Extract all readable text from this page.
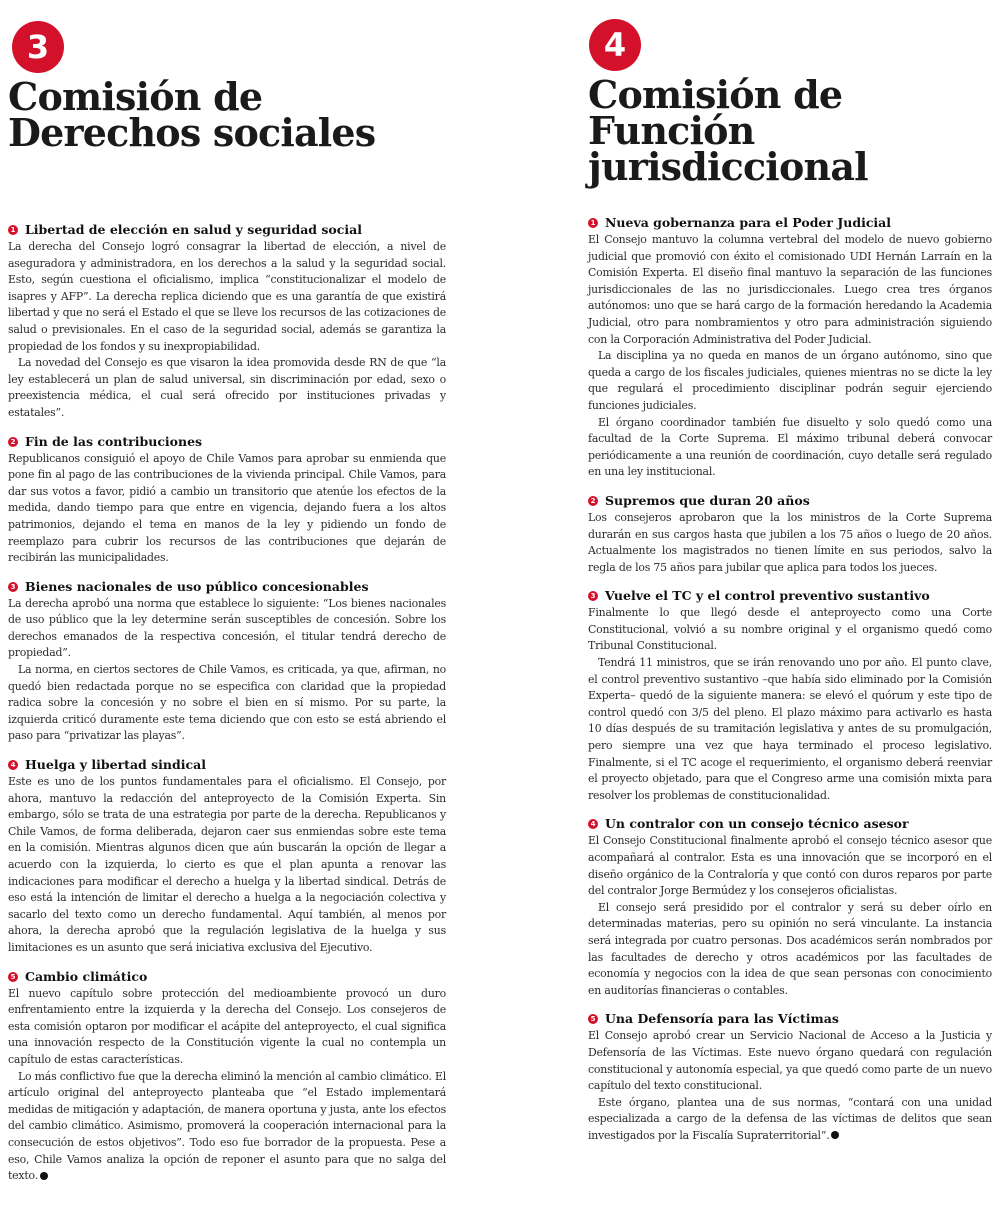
3
Comisión de
Derechos sociales
1 Libertad de elección en salud y seguridad social

La derecha del Consejo logró consagrar la libertad de elección, a nivel de aseguradora y administradora, en los derechos a la salud y la seguridad social. Esto, según cuestiona el oficialismo, implica “constitucionalizar el modelo de isapres y AFP”. La derecha replica diciendo que es una garantía de que existirá libertad y que no será el Estado el que se lleve los recursos de las cotizaciones de salud o previsionales. En el caso de la seguridad social, además se garantiza la propiedad de los fondos y su inexpropiabilidad.

La novedad del Consejo es que visaron la idea promovida desde RN de que “la ley establecerá un plan de salud universal, sin discriminación por edad, sexo o preexistencia médica, el cual será ofrecido por instituciones privadas y estatales”.

2 Fin de las contribuciones

Republicanos consiguió el apoyo de Chile Vamos para aprobar su enmienda que pone fin al pago de las contribuciones de la vivienda principal. Chile Vamos, para dar sus votos a favor, pidió a cambio un transitorio que atenúe los efectos de la medida, dando tiempo para que entre en vigencia, dejando fuera a los altos patrimonios, dejando el tema en manos de la ley y pidiendo un fondo de reemplazo para cubrir los recursos de las contribuciones que dejarán de recibirán las municipalidades.

3 Bienes nacionales de uso público concesionables

La derecha aprobó una norma que establece lo siguiente: “Los bienes nacionales de uso público que la ley determine serán susceptibles de concesión. Sobre los derechos emanados de la respectiva concesión, el titular tendrá derecho de propiedad”.

La norma, en ciertos sectores de Chile Vamos, es criticada, ya que, afirman, no quedó bien redactada porque no se especifica con claridad que la propiedad radica sobre la concesión y no sobre el bien en sí mismo. Por su parte, la izquierda criticó duramente este tema diciendo que con esto se está abriendo el paso para “privatizar las playas”.

4 Huelga y libertad sindical

Este es uno de los puntos fundamentales para el oficialismo. El Consejo, por ahora, mantuvo la redacción del anteproyecto de la Comisión Experta. Sin embargo, sólo se trata de una estrategia por parte de la derecha. Republicanos y Chile Vamos, de forma deliberada, dejaron caer sus enmiendas sobre este tema en la comisión. Mientras algunos dicen que aún buscarán la opción de llegar a acuerdo con la izquierda, lo cierto es que el plan apunta a renovar las indicaciones para modificar el derecho a huelga y la libertad sindical. Detrás de eso está la intención de limitar el derecho a huelga a la negociación colectiva y sacarlo del texto como un derecho fundamental. Aquí también, al menos por ahora, la derecha aprobó que la regulación legislativa de la huelga y sus limitaciones es un asunto que será iniciativa exclusiva del Ejecutivo.

5 Cambio climático

El nuevo capítulo sobre protección del medioambiente provocó un duro enfrentamiento entre la izquierda y la derecha del Consejo. Los consejeros de esta comisión optaron por modificar el acápite del anteproyecto, el cual significa una innovación respecto de la Constitución vigente la cual no contempla un capítulo de estas características.

Lo más conflictivo fue que la derecha eliminó la mención al cambio climático. El artículo original del anteproyecto planteaba que “el Estado implementará medidas de mitigación y adaptación, de manera oportuna y justa, ante los efectos del cambio climático. Asimismo, promoverá la cooperación internacional para la consecución de estos objetivos”. Todo eso fue borrador de la propuesta. Pese a eso, Chile Vamos analiza la opción de reponer el asunto para que no salga del texto.

4
Comisión de Función
jurisdiccional
1 Nueva gobernanza para el Poder Judicial

El Consejo mantuvo la columna vertebral del modelo de nuevo gobierno judicial que promovió con éxito el comisionado UDI Hernán Larraín en la Comisión Experta. El diseño final mantuvo la separación de las funciones jurisdiccionales de las no jurisdiccionales. Luego crea tres órganos autónomos: uno que se hará cargo de la formación heredando la Academia Judicial, otro para nombramientos y otro para administración siguiendo con la Corporación Administrativa del Poder Judicial.

La disciplina ya no queda en manos de un órgano autónomo, sino que queda a cargo de los fiscales judiciales, quienes mientras no se dicte la ley que regulará el procedimiento disciplinar podrán seguir ejerciendo funciones judiciales.

El órgano coordinador también fue disuelto y solo quedó como una facultad de la Corte Suprema. El máximo tribunal deberá convocar periódicamente a una reunión de coordinación, cuyo detalle será regulado en una ley institucional.

2 Supremos que duran 20 años

Los consejeros aprobaron que la los ministros de la Corte Suprema durarán en sus cargos hasta que jubilen a los 75 años o luego de 20 años. Actualmente los magistrados no tienen límite en sus periodos, salvo la regla de los 75 años para jubilar que aplica para todos los jueces.

3 Vuelve el TC y el control preventivo sustantivo

Finalmente lo que llegó desde el anteproyecto como una Corte Constitucional, volvió a su nombre original y el organismo quedó como Tribunal Constitucional.

Tendrá 11 ministros, que se irán renovando uno por año. El punto clave, el control preventivo sustantivo –que había sido eliminado por la Comisión Experta– quedó de la siguiente manera: se elevó el quórum y este tipo de control quedó con 3/5 del pleno. El plazo máximo para activarlo es hasta 10 días después de su tramitación legislativa y antes de su promulgación, pero siempre una vez que haya terminado el proceso legislativo. Finalmente, si el TC acoge el requerimiento, el organismo deberá reenviar el proyecto objetado, para que el Congreso arme una comisión mixta para resolver los problemas de constitucionalidad.

4 Un contralor con un consejo técnico asesor

El Consejo Constitucional finalmente aprobó el consejo técnico asesor que acompañará al contralor. Esta es una innovación que se incorporó en el diseño orgánico de la Contraloría y que contó con duros reparos por parte del contralor Jorge Bermúdez y los consejeros oficialistas.

El consejo será presidido por el contralor y será su deber oírlo en determinadas materias, pero su opinión no será vinculante. La instancia será integrada por cuatro personas. Dos académicos serán nombrados por las facultades de derecho y otros académicos por las facultades de economía y negocios con la idea de que sean personas con conocimiento en auditorías financieras o contables.

5 Una Defensoría para las Víctimas

El Consejo aprobó crear un Servicio Nacional de Acceso a la Justicia y Defensoría de las Víctimas. Este nuevo órgano quedará con regulación constitucional y autonomía especial, ya que quedó como parte de un nuevo capítulo del texto constitucional.

Este órgano, plantea una de sus normas, “contará con una unidad especializada a cargo de la defensa de las víctimas de delitos que sean investigados por la Fiscalía Supraterritorial”.
